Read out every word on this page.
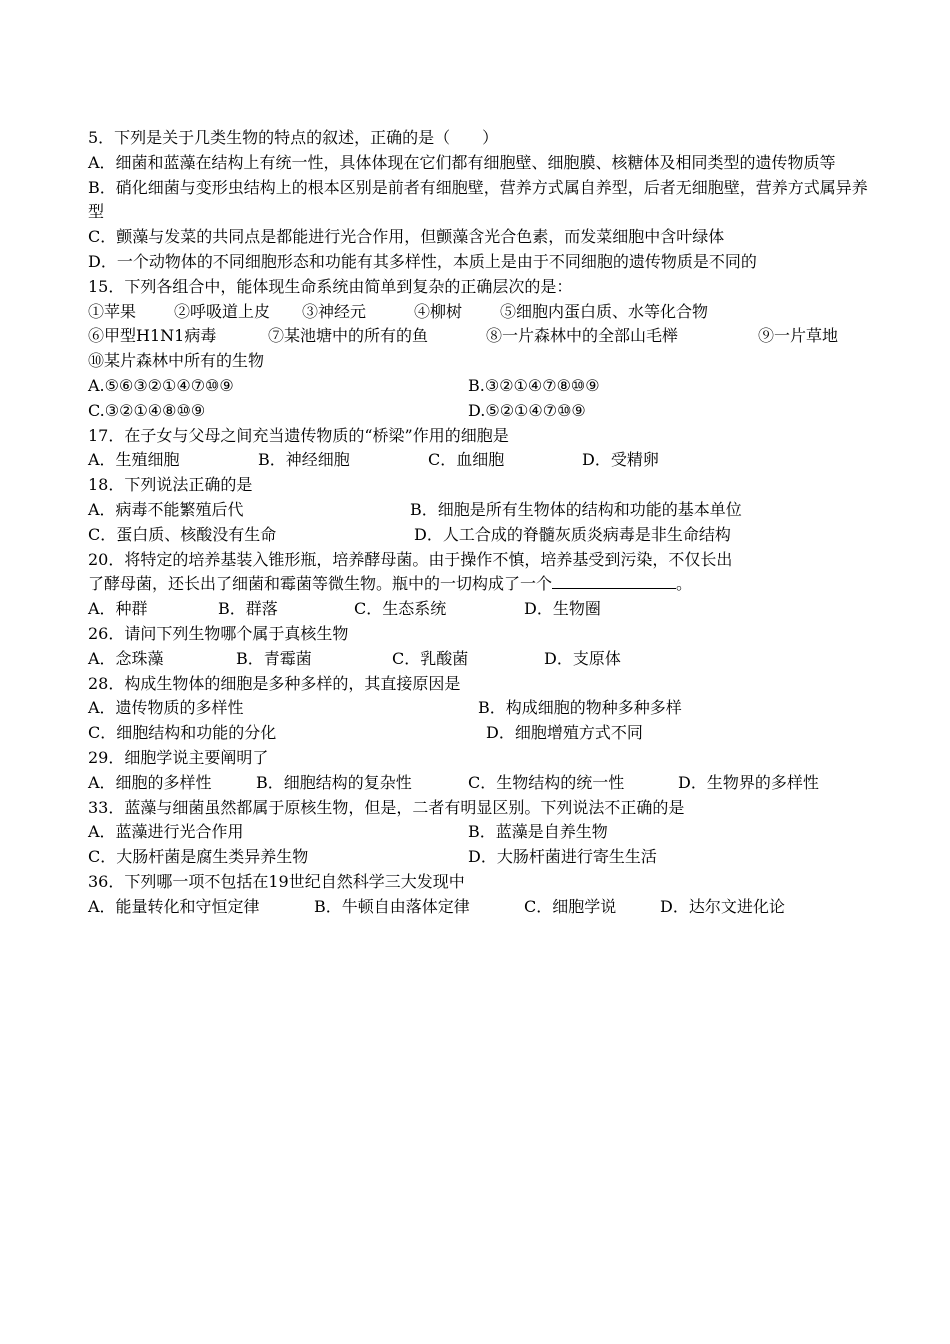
5．下列是关于几类生物的特点的叙述，正确的是（　　）
A．细菌和蓝藻在结构上有统一性，具体体现在它们都有细胞壁、细胞膜、核糖体及相同类型的遗传物质等
B．硝化细菌与变形虫结构上的根本区别是前者有细胞壁，营养方式属自养型，后者无细胞壁，营养方式属异养型
C．颤藻与发菜的共同点是都能进行光合作用，但颤藻含光合色素，而发菜细胞中含叶绿体
D．一个动物体的不同细胞形态和功能有其多样性，本质上是由于不同细胞的遗传物质是不同的
15．下列各组合中，能体现生命系统由简单到复杂的正确层次的是：
①苹果 ②呼吸道上皮 ③神经元	④柳树 ⑤细胞内蛋白质、水等化合物
⑥甲型H1N1病毒	⑦某池塘中的所有的鱼	⑧一片森林中的全部山毛榉	⑨一片草地
⑩某片森林中所有的生物
A.⑤⑥③②①④⑦⑩⑨	B.③②①④⑦⑧⑩⑨
C.③②①④⑧⑩⑨	D.⑤②①④⑦⑩⑨
17．在子女与父母之间充当遗传物质的“桥梁”作用的细胞是
A．生殖细胞	B．神经细胞	C．血细胞	D．受精卵
18．下列说法正确的是
A．病毒不能繁殖后代	B．细胞是所有生物体的结构和功能的基本单位
C．蛋白质、核酸没有生命	D．人工合成的脊髓灰质炎病毒是非生命结构
20．将特定的培养基装入锥形瓶，培养酵母菌。由于操作不慎，培养基受到污染，不仅长出
了酵母菌，还长出了细菌和霉菌等微生物。瓶中的一切构成了一个	。
A．种群	B．群落	C．生态系统	D．生物圈
26．请问下列生物哪个属于真核生物
A．念珠藻	B．青霉菌	C．乳酸菌	D．支原体
28．构成生物体的细胞是多种多样的，其直接原因是
A．遗传物质的多样性	B．构成细胞的物种多种多样
C．细胞结构和功能的分化	D．细胞增殖方式不同
29．细胞学说主要阐明了
A．细胞的多样性	B．细胞结构的复杂性	C．生物结构的统一性	D．生物界的多样性
33．蓝藻与细菌虽然都属于原核生物，但是，二者有明显区别。下列说法不正确的是
A．蓝藻进行光合作用	B．蓝藻是自养生物
C．大肠杆菌是腐生类异养生物	D．大肠杆菌进行寄生生活
36．下列哪一项不包括在19世纪自然科学三大发现中
A．能量转化和守恒定律	B．牛顿自由落体定律	C．细胞学说	D．达尔文进化论
